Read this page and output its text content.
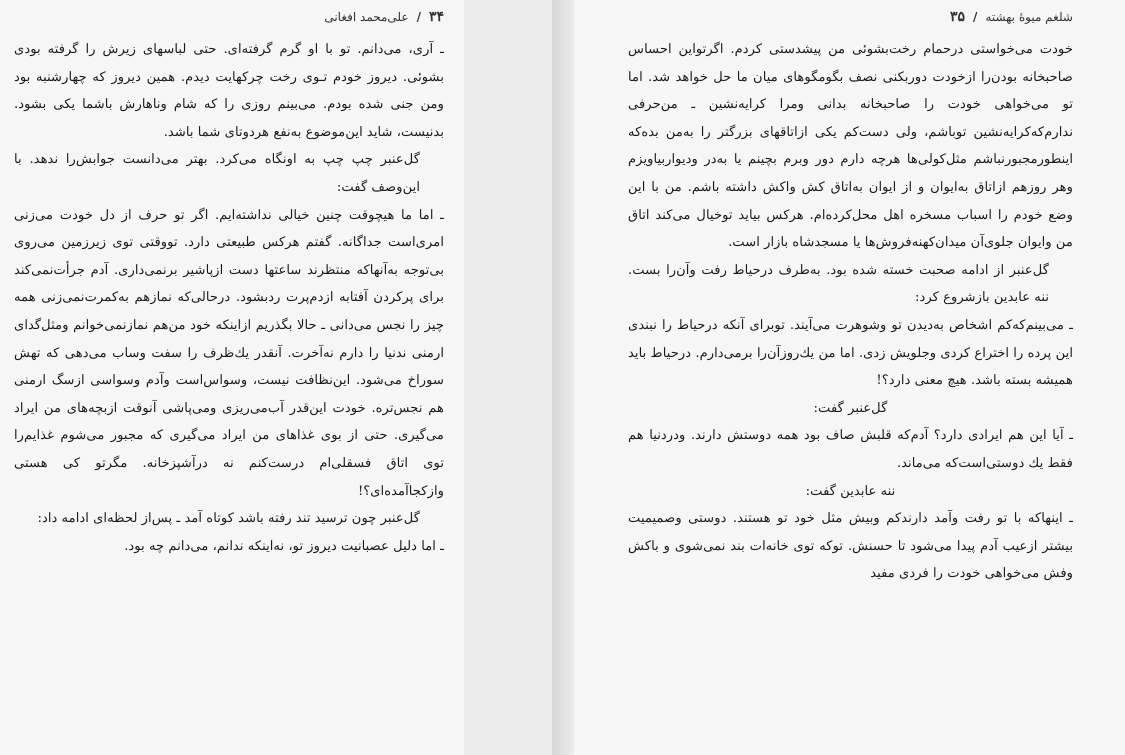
۳۴
/
علی‌محمد افغانی

ـ آری، می‌دانم. تو با او گرم گرفته‌ای. حتی لباسهای زیرش را گرفته بودی بشوئی. دیروز خودم تـوی رخت چرکهایت دیدم. همین دیروز که چهارشنبه بود ومن جنی شده بودم. می‌بینم روزی را که شام وناهارش باشما یکی بشود. بدنیست، شاید این‌موضوع به‌نفع هردوتای شما باشد.

گل‌عنبر چپ چپ به اونگاه می‌کرد. بهتر می‌دانست جوابش‌را ندهد. با این‌وصف گفت:

ـ اما ما هیچوقت چنین خیالی نداشته‌ایم. اگر تو حرف از دل خودت می‌زنی امری‌است جداگانه. گفتم هرکس طبیعتی دارد. تووقتی توی زیرزمین می‌روی بی‌توجه به‌آنهاکه منتظرند ساعتها دست ازپاشیر برنمی‌داری. آدم جرأت‌نمی‌کند برای پرکردن آفتابه ازدم‌پرت ردبشود. درحالی‌که نمازهم به‌کمرت‌نمی‌زنی همه چیز را نجس می‌دانی ـ حالا بگذریم ازاینکه خود من‌هم نمازنمی‌خوانم ومثل‌گدای ارمنی ندنیا را دارم نه‌آخرت. آنقدر یك‌ظرف را سفت وساب می‌دهی که تهش سوراخ می‌شود. این‌نظافت نیست، وسواس‌است وآدم وسواسی ازسگ ارمنی هم نجس‌تره. خودت این‌قدر آب‌می‌ریزی ومی‌پاشی آنوقت ازبچه‌های من ایراد می‌گیری. حتی از بوی غذاهای من ایراد می‌گیری که مجبور می‌شوم غذایم‌را توی اتاق فسقلی‌ام درست‌کنم نه درآشپزخانه. مگرتو کی هستی وازکجاآمده‌ای؟!

گل‌عنبر چون ترسید تند رفته باشد کوتاه آمد ـ پس‌از لحظه‌ای ادامه داد:

ـ اما دلیل عصبانیت دیروز تو، نه‌اینکه ندانم، می‌دانم چه بود.

شلغم میوهٔ بهشته
/
۳۵

خودت می‌خواستی درحمام رخت‌بشوئی من پیشدستی کردم. اگرتواین احساس صاحبخانه بودن‌را ازخودت دوربکنی نصف بگومگوهای میان ما حل خواهد شد. اما تو می‌خواهی خودت را صاحبخانه بدانی ومرا کرایه‌نشین ـ من‌حرفی ندارم‌که‌کرایه‌نشین توباشم، ولی دست‌کم یکی ازاتاقهای بزرگتر را به‌من بده‌که اینطورمجبورنباشم مثل‌کولی‌ها هرچه دارم دور وبرم بچینم یا به‌در ودیواربیاویزم وهر روزهم ازاتاق به‌ایوان و از ایوان به‌اتاق کش واکش داشته باشم. من با این وضع خودم را اسباب مسخره اهل محل‌کرده‌ام. هرکس بیاید توخیال می‌کند اتاق من وایوان جلوی‌آن میدان‌کهنه‌فروش‌ها یا مسجدشاه بازار است.

گل‌عنبر از ادامه صحبت خسته شده بود. به‌طرف درحیاط رفت وآن‌را بست. ننه عابدین بازشروع کرد:

ـ می‌بینم‌که‌کم اشخاص به‌دیدن تو وشوهرت می‌آیند. توبرای آنکه درحیاط را نبندی این پرده را اختراع کردی وجلویش زدی. اما من یك‌روزآن‌را برمی‌دارم. درحیاط باید همیشه بسته باشد. هیچ معنی دارد؟!

گل‌عنبر گفت:

ـ آیا این هم ایرادی دارد؟ آدم‌که قلبش صاف بود همه دوستش دارند. ودردنیا هم فقط یك دوستی‌است‌که می‌ماند.

ننه عابدین گفت:

ـ اینهاکه با تو رفت وآمد دارندکم وبیش مثل خود تو هستند. دوستی وصمیمیت بیشتر ازعیب آدم پیدا می‌شود تا حسنش. توکه توی خانه‌ات بند نمی‌شوی و باکش وفش می‌خواهی خودت را فردی مفید
